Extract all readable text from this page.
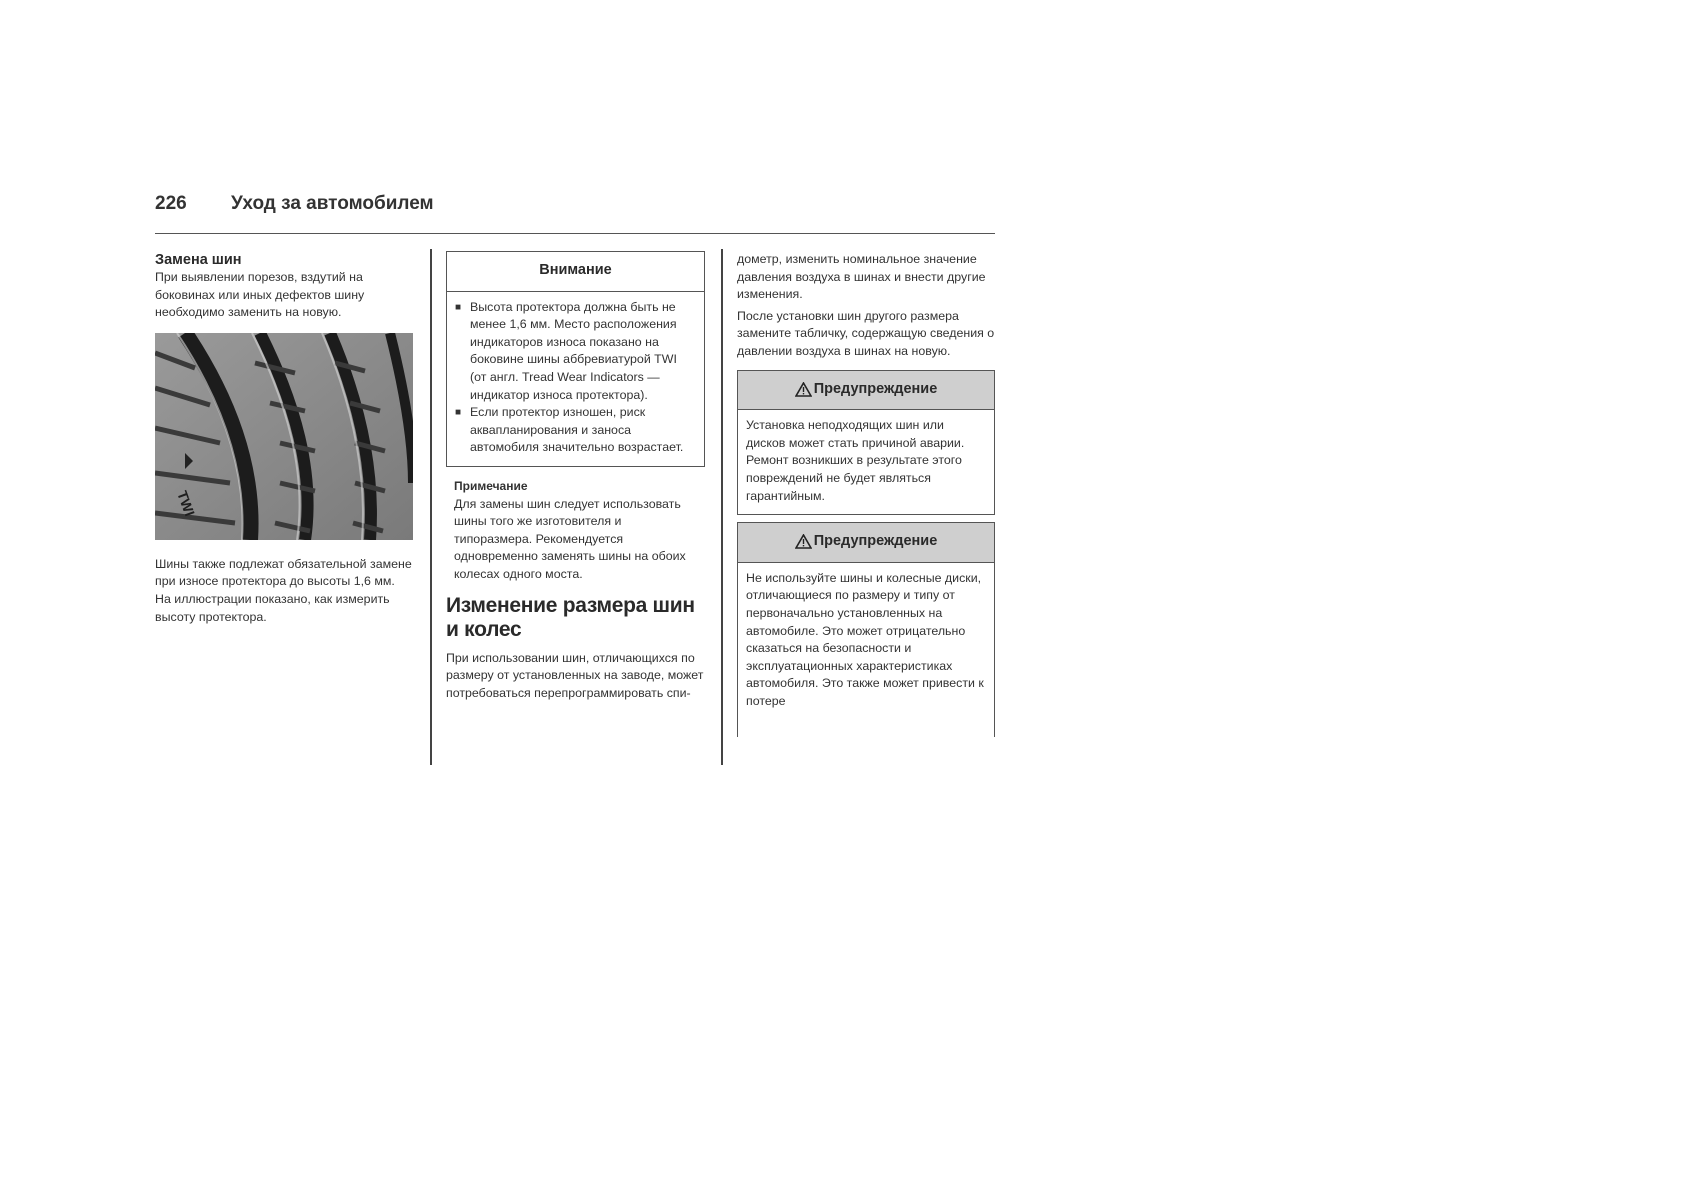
226 Уход за автомобилем
Замена шин

При выявлении порезов, вздутий на боковинах или иных дефектов шину необходимо заменить на новую.

TWI

Шины также подлежат обязательной замене при износе протектора до высоты 1,6 мм. На иллюстрации показано, как измерить высоту протектора.

Внимание
■ Высота протектора должна быть не менее 1,6 мм. Место расположения индикаторов износа показано на боковине шины аббревиатурой TWI (от англ. Tread Wear Indicators — индикатор износа протектора).
■ Если протектор изношен, риск аквапланирования и заноса автомобиля значительно возрастает.
Примечание
Для замены шин следует использовать шины того же изготовителя и типоразмера. Рекомендуется одновременно заменять шины на обоих колесах одного моста.
Изменение размера шин и колес

При использовании шин, отличающихся по размеру от установленных на заводе, может потребоваться перепрограммировать спи-

дометр, изменить номинальное значение давления воздуха в шинах и внести другие изменения.

После установки шин другого размера замените табличку, содержащую сведения о давлении воздуха в шинах на новую.

Предупреждение
Установка неподходящих шин или дисков может стать причиной аварии. Ремонт возникших в результате этого повреждений не будет являться гарантийным.
Предупреждение
Не используйте шины и колесные диски, отличающиеся по размеру и типу от первоначально установленных на автомобиле. Это может отрицательно сказаться на безопасности и эксплуатационных характеристиках автомобиля. Это также может привести к потере
